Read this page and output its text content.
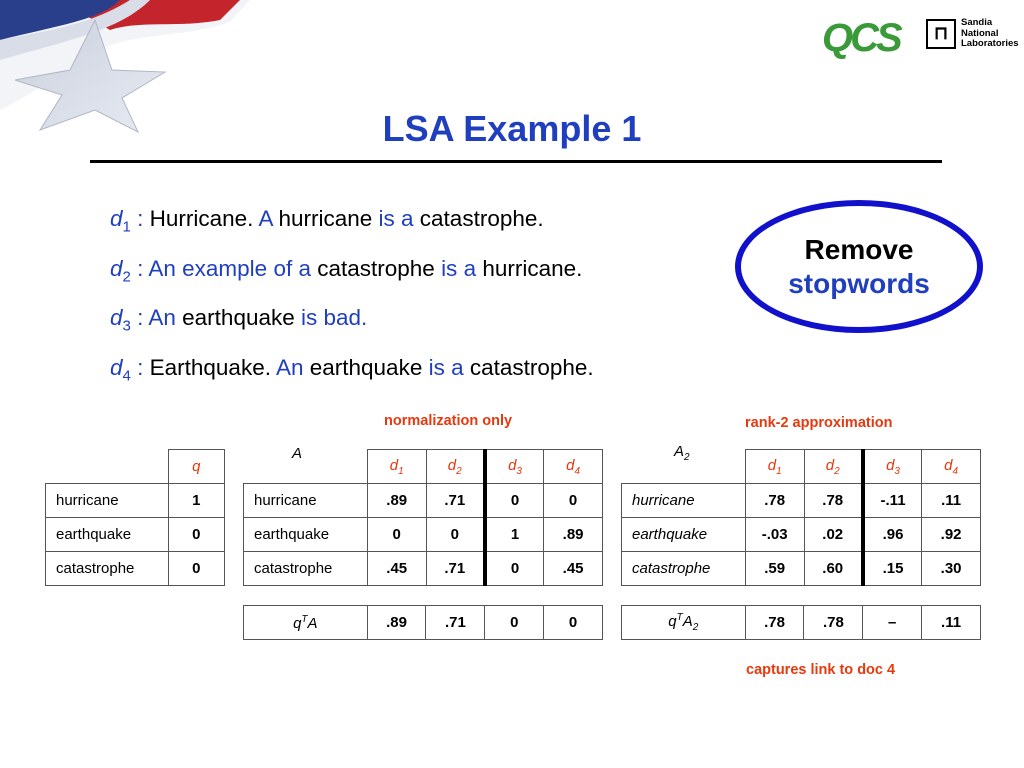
QCS	⊓
Sandia
National
Laboratories
LSA Example 1
$d_1$ : Hurricane. A hurricane is a catastrophe.
$d_2$ : An example of a catastrophe is a hurricane.
$d_3$ : An earthquake is bad.
$d_4$ : Earthquake. An earthquake is a catastrophe.
Remove
stopwords
normalization only	rank-2 approximation
captures link to doc 4
A	$A_2$
	q
hurricane	1
earthquake	0
catastrophe	0
	$d_1$	$d_2$	$d_3$	$d_4$
hurricane	.89	.71	0	0
earthquake	0	0	1	.89
catastrophe	.45	.71	0	.45
$q^TA$	.89	.71	0	0
	$d_1$	$d_2$	$d_3$	$d_4$
hurricane	.78	.78	-.11	.11
earthquake	-.03	.02	.96	.92
catastrophe	.59	.60	.15	.30
$q^TA_2$	.78	.78	–	.11
